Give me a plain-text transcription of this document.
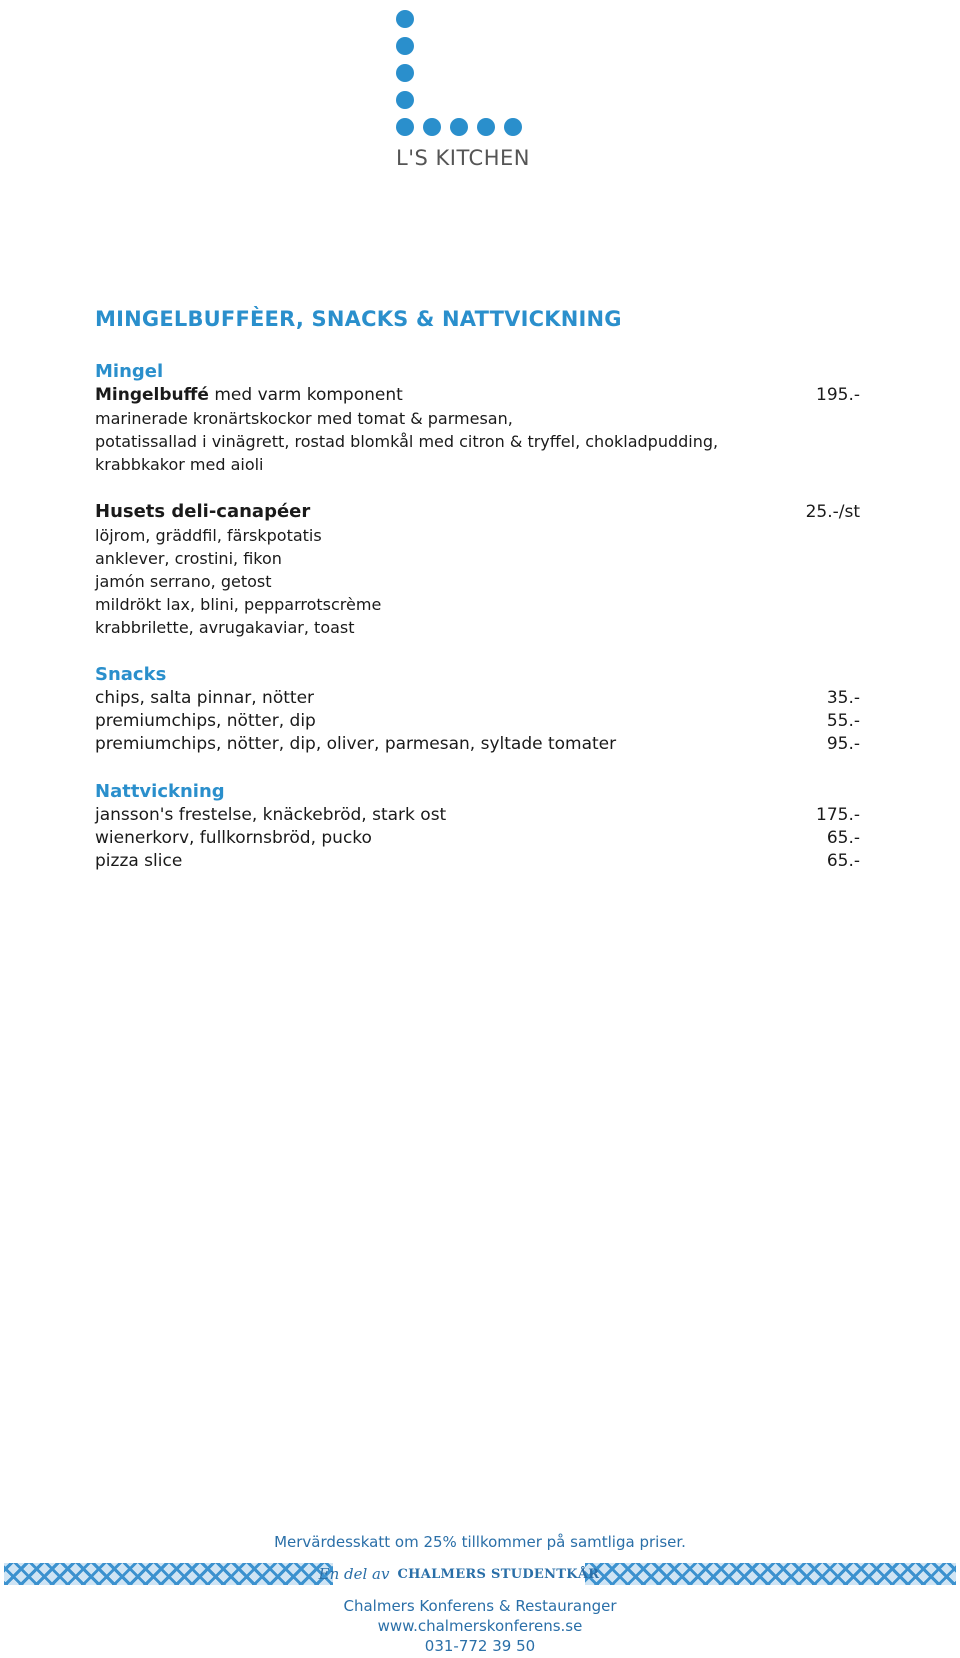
L'S KITCHEN
MINGELBUFFÈER, SNACKS & NATTVICKNING
Mingel
Mingelbuffé med varm komponent	195.-
marinerade kronärtskockor med tomat & parmesan,
potatissallad i vinägrett, rostad blomkål med citron & tryffel, chokladpudding,
krabbkakor med aioli
Husets deli-canapéer	25.-/st
löjrom, gräddfil, färskpotatis
anklever, crostini, fikon
jamón serrano, getost
mildrökt lax, blini, pepparrotscrème
krabbrilette, avrugakaviar, toast
Snacks
chips, salta pinnar, nötter	35.-
premiumchips, nötter, dip	55.-
premiumchips, nötter, dip, oliver, parmesan, syltade tomater	95.-
Nattvickning
jansson's frestelse, knäckebröd, stark ost	175.-
wienerkorv, fullkornsbröd, pucko	65.-
pizza slice	65.-
Mervärdesskatt om 25% tillkommer på samtliga priser.
En del av CHALMERS STUDENTKÅR
Chalmers Konferens & Restauranger
www.chalmerskonferens.se
031-772 39 50
